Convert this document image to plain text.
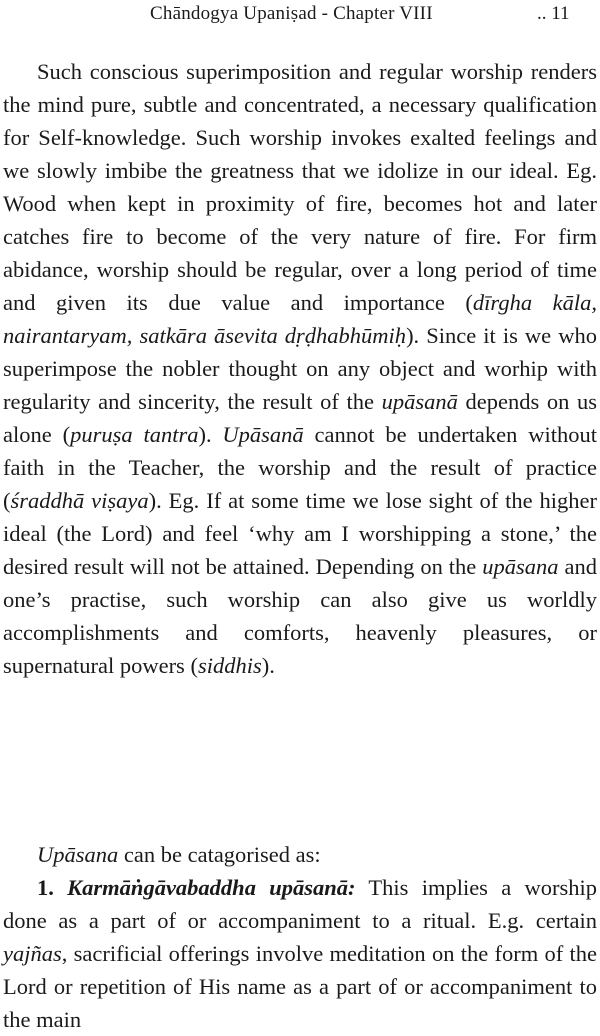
Chāndogya Upaniṣad - Chapter VIII	.. 11

Such conscious superimposition and regular worship renders the mind pure, subtle and concentrated, a necessary qualification for Self-knowledge. Such worship invokes exalted feelings and we slowly imbibe the greatness that we idolize in our ideal. Eg. Wood when kept in proximity of fire, becomes hot and later catches fire to become of the very nature of fire. For firm abidance, worship should be regular, over a long period of time and given its due value and importance (dīrgha kāla, nairantaryam, satkāra āsevita dṛḍhabhūmiḥ). Since it is we who superimpose the nobler thought on any object and worhip with regularity and sincerity, the result of the upāsanā depends on us alone (puruṣa tantra). Upāsanā cannot be undertaken without faith in the Teacher, the worship and the result of practice (śraddhā viṣaya). Eg. If at some time we lose sight of the higher ideal (the Lord) and feel ‘why am I worshipping a stone,’ the desired result will not be attained. Depending on the upāsana and one’s practise, such worship can also give us worldly accomplishments and comforts, heavenly pleasures, or supernatural powers (siddhis).

Upāsana can be catagorised as:

1. Karmāṅgāvabaddha upāsanā: This implies a worship done as a part of or accompaniment to a ritual. E.g. certain yajñas, sacrificial offerings involve meditation on the form of the Lord or repetition of His name as a part of or accompaniment to the main
